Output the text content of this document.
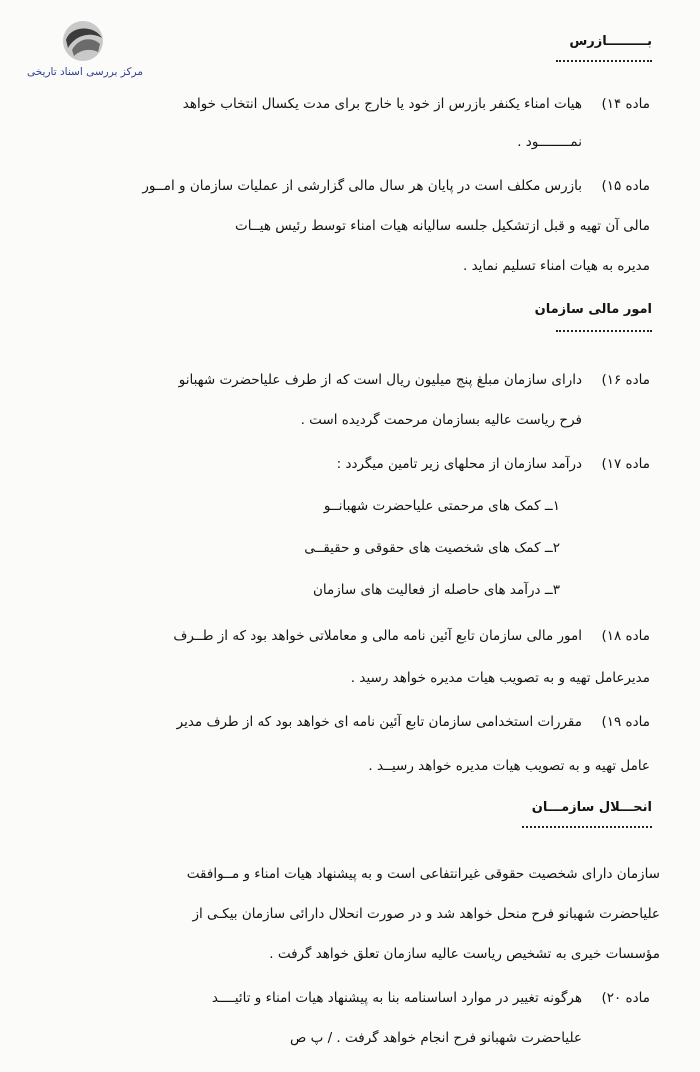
مرکز بررسی اسناد تاریخی
بـــــــــازرس
ماده ۱۴)
هیات امناء یکنفر بازرس از خود یا خارج برای مدت یکسال انتخاب خواهد
نمــــــــود .
ماده ۱۵)
بازرس مکلف است در پایان هر سال مالی گزارشی از عملیات سازمان و امــور
مالی آن تهیه و قبل ازتشکیل جلسه سالیانه هیات امناء توسط رئیس هیــات
مدیره به هیات امناء تسلیم نماید .
امور مالی سازمان
ماده ۱۶)
دارای سازمان مبلغ پنج میلیون ریال است که از طرف علیاحضرت شهبانو
فرح ریاست عالیه بسازمان مرحمت گردیده است .
ماده ۱۷)
درآمد سازمان از محلهای زیر تامین میگردد :
۱ــ کمک های مرحمتی علیاحضرت شهبانــو
۲ــ کمک های شخصیت های حقوقی و حقیقــی
۳ــ درآمد های حاصله از فعالیت های سازمان
ماده ۱۸)
امور مالی سازمان تابع آئین نامه مالی و معاملاتی خواهد بود که از طــرف
مدیرعامل تهیه و به تصویب هیات مدیره خواهد رسید .
ماده ۱۹)
مقررات استخدامی سازمان تابع آئین نامه ای خواهد بود که از طرف مدیر
عامل تهیه و به تصویب هیات مدیره خواهد رسیــد .
انحـــلال سازمـــان
سازمان دارای شخصیت حقوقی غیرانتفاعی است و به پیشنهاد هیات امناء و مــوافقت
علیاحضرت شهبانو فرح منحل خواهد شد و در صورت انحلال دارائی سازمان بیکـی از
مؤسسات خیری به تشخیص ریاست عالیه سازمان تعلق خواهد گرفت .
ماده ۲۰)
هرگونه تغییر در موارد اساسنامه بنا به پیشنهاد هیات امناء و تائیــــد
علیاحضرت شهبانو فرح انجام خواهد گرفت . / پ ص
